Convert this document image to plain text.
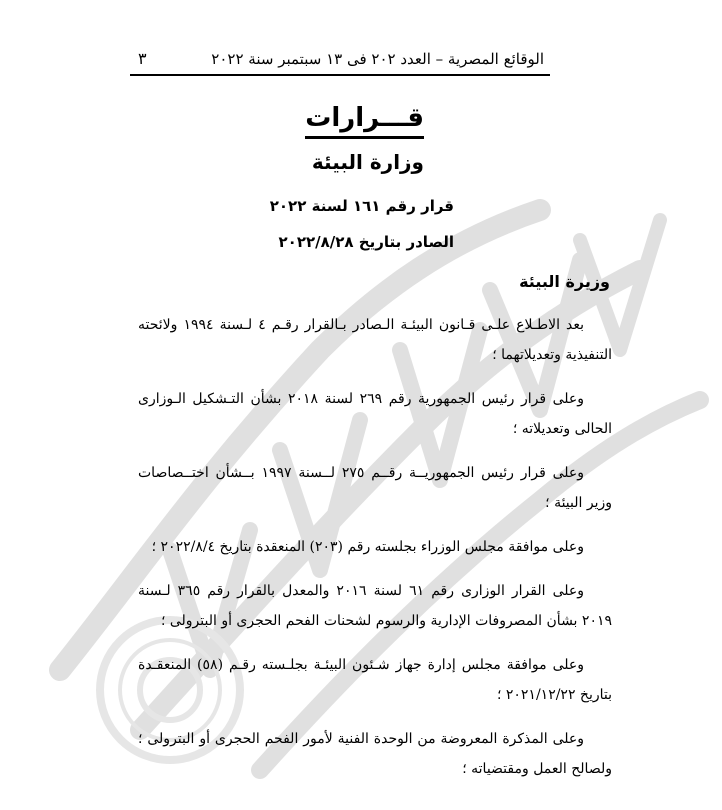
الوقائع المصرية – العدد ٢٠٢ فى ١٣ سبتمبر سنة ٢٠٢٢
٣
قـــرارات
وزارة البيئة
قرار رقم ١٦١ لسنة ٢٠٢٢
الصادر بتاريخ ٢٠٢٢/٨/٢٨
وزيرة البيئة

بعد الاطـلاع علـى قـانون البيئـة الـصادر بـالقرار رقـم ٤ لـسنة ١٩٩٤ ولائحته التنفيذية وتعديلاتهما ؛

وعلى قرار رئيس الجمهورية رقم ٢٦٩ لسنة ٢٠١٨ بشأن التـشكيل الـوزارى الحالى وتعديلاته ؛

وعلى قرار رئيس الجمهوريــة رقــم ٢٧٥ لــسنة ١٩٩٧ بــشأن اختــصاصات وزير البيئة ؛

وعلى موافقة مجلس الوزراء بجلسته رقم (٢٠٣) المنعقدة بتاريخ ٢٠٢٢/٨/٤ ؛

وعلى القرار الوزارى رقم ٦١ لسنة ٢٠١٦ والمعدل بالقرار رقم ٣٦٥ لـسنة ٢٠١٩ بشأن المصروفات الإدارية والرسوم لشحنات الفحم الحجرى أو البترولى ؛

وعلى موافقة مجلس إدارة جهاز شـئون البيئـة بجلـسته رقـم (٥٨) المنعقـدة بتاريخ ٢٠٢١/١٢/٢٢ ؛

وعلى المذكرة المعروضة من الوحدة الفنية لأمور الفحم الحجرى أو البترولى ؛ ولصالح العمل ومقتضياته ؛
